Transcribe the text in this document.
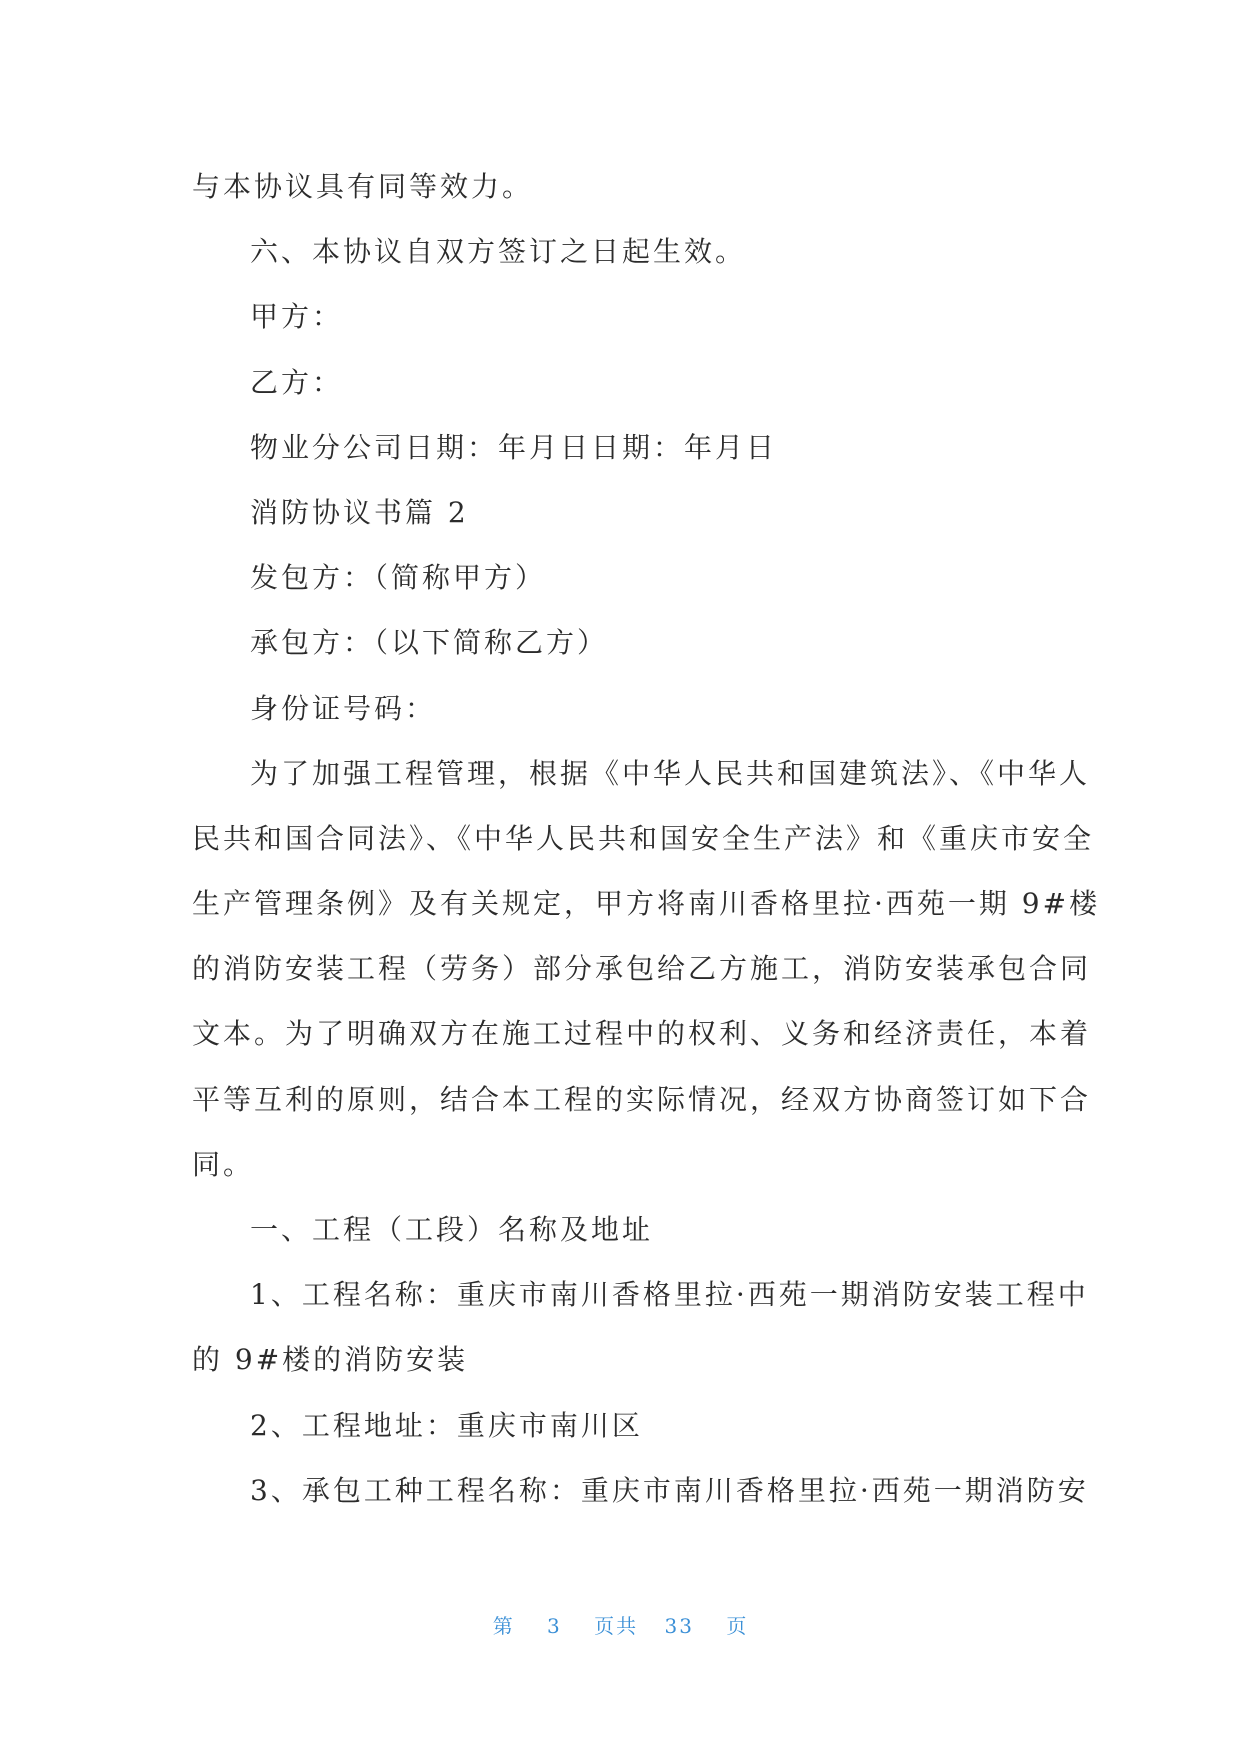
与本协议具有同等效力。
六、本协议自双方签订之日起生效。
甲方：
乙方：
物业分公司日期：年月日日期：年月日
消防协议书篇 2
发包方：（简称甲方）
承包方：（以下简称乙方）
身份证号码：
为了加强工程管理，根据《中华人民共和国建筑法》、《中华人
民共和国合同法》、《中华人民共和国安全生产法》和《重庆市安全
生产管理条例》及有关规定，甲方将南川香格里拉·西苑一期 9#楼
的消防安装工程（劳务）部分承包给乙方施工，消防安装承包合同
文本。为了明确双方在施工过程中的权利、义务和经济责任，本着
平等互利的原则，结合本工程的实际情况，经双方协商签订如下合
同。
一、工程（工段）名称及地址
1、工程名称：重庆市南川香格里拉·西苑一期消防安装工程中
的 9#楼的消防安装
2、工程地址：重庆市南川区
3、承包工种工程名称：重庆市南川香格里拉·西苑一期消防安
第 3 页共 33 页
